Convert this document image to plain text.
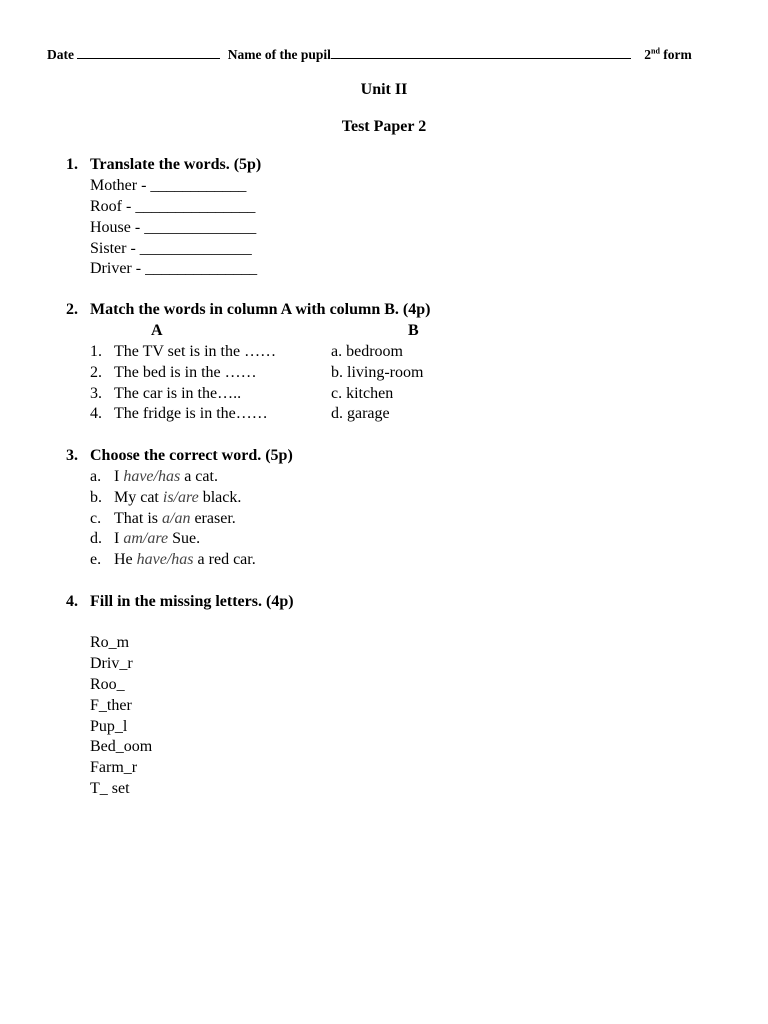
Date	Name of the pupil	2nd form
Unit II
Test Paper 2
1. Translate the words. (5p)
Mother - ____________
Roof - _______________
House - ______________
Sister - ______________
Driver - ______________
2. Match the words in column A with column B. (4p)
A	B
1. The TV set is in the ……	a. bedroom
2. The bed is in the ……	b. living-room
3. The car is in the…..	c. kitchen
4. The fridge is in the……	d. garage
3. Choose the correct word. (5p)
a. I have/has a cat.
b. My cat is/are black.
c. That is a/an eraser.
d. I am/are Sue.
e. He have/has a red car.
4. Fill in the missing letters. (4p)
Ro_m
Driv_r
Roo_
F_ther
Pup_l
Bed_oom
Farm_r
T_ set
